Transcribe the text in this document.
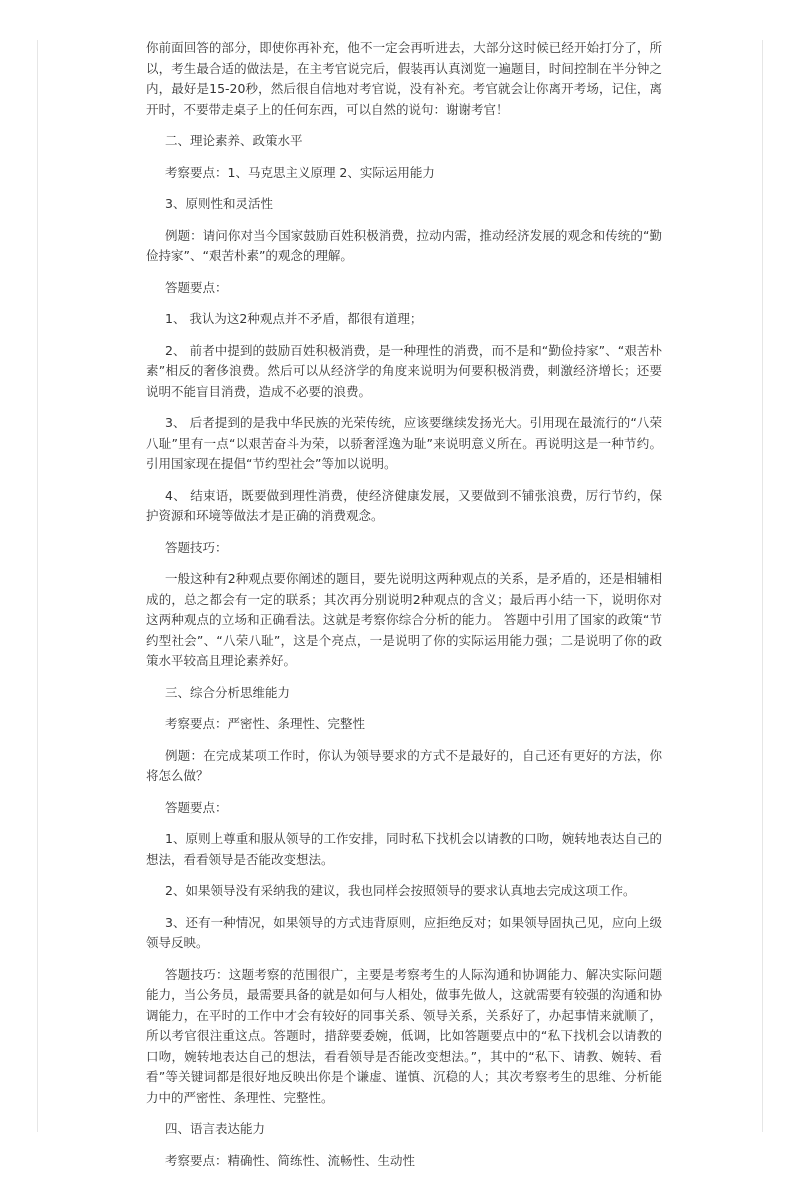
你前面回答的部分，即使你再补充，他不一定会再听进去，大部分这时候已经开始打分了，所以，考生最合适的做法是，在主考官说完后，假装再认真浏览一遍题目，时间控制在半分钟之内，最好是15-20秒，然后很自信地对考官说，没有补充。考官就会让你离开考场，记住，离开时，不要带走桌子上的任何东西，可以自然的说句：谢谢考官！

二、理论素养、政策水平

考察要点：1、马克思主义原理 2、实际运用能力

3、原则性和灵活性

例题：请问你对当今国家鼓励百姓积极消费，拉动内需，推动经济发展的观念和传统的“勤俭持家”、“艰苦朴素”的观念的理解。

答题要点：

1、 我认为这2种观点并不矛盾，都很有道理；

2、 前者中提到的鼓励百姓积极消费，是一种理性的消费，而不是和“勤俭持家”、“艰苦朴素”相反的奢侈浪费。然后可以从经济学的角度来说明为何要积极消费，刺激经济增长；还要说明不能盲目消费，造成不必要的浪费。

3、 后者提到的是我中华民族的光荣传统，应该要继续发扬光大。引用现在最流行的“八荣八耻”里有一点“以艰苦奋斗为荣，以骄奢淫逸为耻”来说明意义所在。再说明这是一种节约。引用国家现在提倡“节约型社会”等加以说明。

4、 结束语，既要做到理性消费，使经济健康发展，又要做到不铺张浪费，厉行节约，保护资源和环境等做法才是正确的消费观念。

答题技巧：

一般这种有2种观点要你阐述的题目，要先说明这两种观点的关系，是矛盾的，还是相辅相成的，总之都会有一定的联系；其次再分别说明2种观点的含义；最后再小结一下，说明你对这两种观点的立场和正确看法。这就是考察你综合分析的能力。 答题中引用了国家的政策“节约型社会”、“八荣八耻”，这是个亮点，一是说明了你的实际运用能力强；二是说明了你的政策水平较高且理论素养好。

三、综合分析思维能力

考察要点：严密性、条理性、完整性

例题：在完成某项工作时，你认为领导要求的方式不是最好的，自己还有更好的方法，你将怎么做？

答题要点：

1、原则上尊重和服从领导的工作安排，同时私下找机会以请教的口吻，婉转地表达自己的想法，看看领导是否能改变想法。

2、如果领导没有采纳我的建议，我也同样会按照领导的要求认真地去完成这项工作。

3、还有一种情况，如果领导的方式违背原则，应拒绝反对；如果领导固执己见，应向上级领导反映。

答题技巧：这题考察的范围很广，主要是考察考生的人际沟通和协调能力、解决实际问题能力，当公务员，最需要具备的就是如何与人相处，做事先做人，这就需要有较强的沟通和协调能力，在平时的工作中才会有较好的同事关系、领导关系，关系好了，办起事情来就顺了，所以考官很注重这点。答题时，措辞要委婉，低调，比如答题要点中的“私下找机会以请教的口吻，婉转地表达自己的想法，看看领导是否能改变想法。”，其中的“私下、请教、婉转、看看”等关键词都是很好地反映出你是个谦虚、谨慎、沉稳的人；其次考察考生的思维、分析能力中的严密性、条理性、完整性。

四、语言表达能力

考察要点：精确性、简练性、流畅性、生动性
